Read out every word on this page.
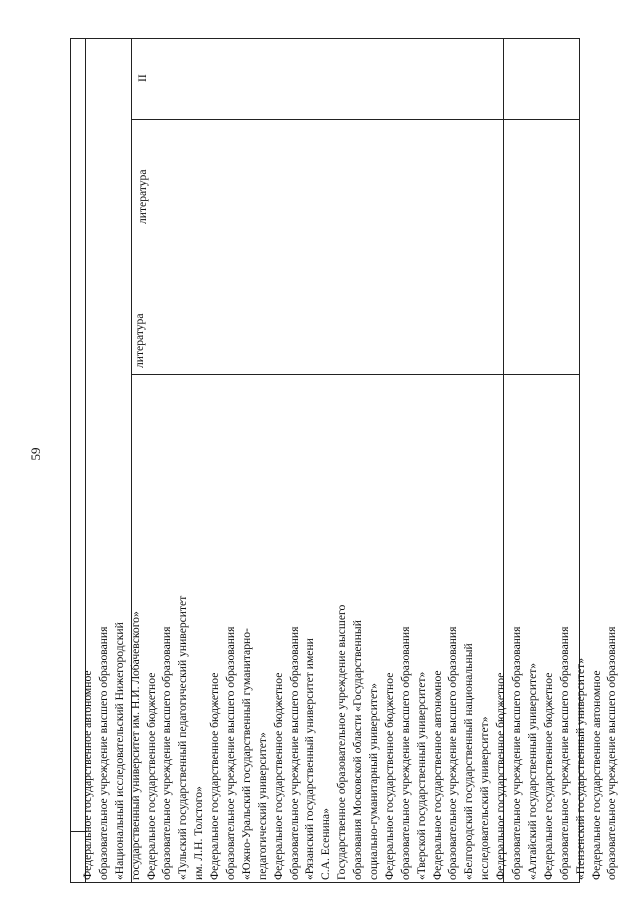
59
Федеральное государственное автономное образовательное учреждение высшего образования «Национальный исследовательский Нижегородский государственный университет им. Н.И. Лобачевского» Федеральное государственное бюджетное образовательное учреждение высшего образования «Тульский государственный педагогический университет им. Л.Н. Толстого» Федеральное государственное бюджетное образовательное учреждение высшего образования «Южно-Уральский государственный гуманитарно- педагогический университет» Федеральное государственное бюджетное образовательное учреждение высшего образования «Рязанский государственный университет имени С.А. Есенина» Государственное образовательное учреждение высшего образования Московской области «Государственный социально-гуманитарный университет» Федеральное государственное бюджетное образовательное учреждение высшего образования «Тверской государственный университет» Федеральное государственное автономное образовательное учреждение высшего образования «Белгородский государственный национальный исследовательский университет» Федеральное государственное бюджетное образовательное учреждение высшего образования «Алтайский государственный университет» Федеральное государственное бюджетное образовательное учреждение высшего образования «Пензенский государственный университет» Федеральное государственное автономное образовательное учреждение высшего образования
литература
литература
II
